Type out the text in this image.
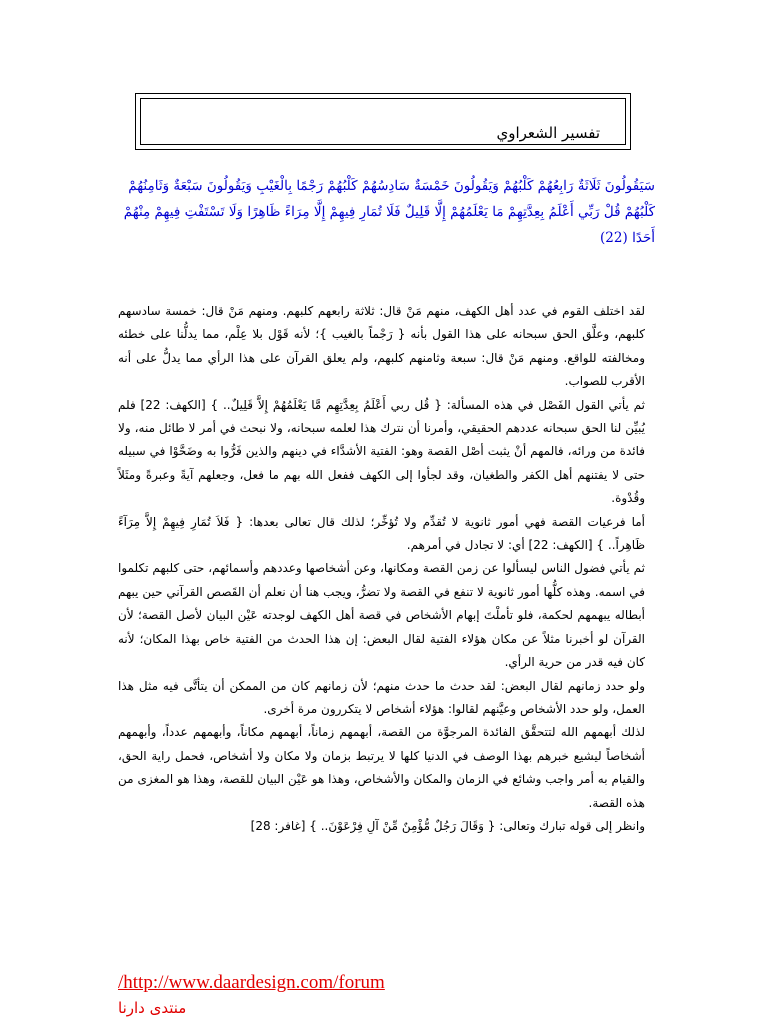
تفسير الشعراوي
سَيَقُولُونَ ثَلَاثَةٌ رَابِعُهُمْ كَلْبُهُمْ وَيَقُولُونَ خَمْسَةٌ سَادِسُهُمْ كَلْبُهُمْ رَجْمًا بِالْغَيْبِ وَيَقُولُونَ سَبْعَةٌ وَثَامِنُهُمْ
كَلْبُهُمْ قُلْ رَبِّي أَعْلَمُ بِعِدَّتِهِمْ مَا يَعْلَمُهُمْ إِلَّا قَلِيلٌ فَلَا تُمَارِ فِيهِمْ إِلَّا مِرَاءً ظَاهِرًا وَلَا تَسْتَفْتِ فِيهِمْ مِنْهُمْ
أَحَدًا (22)

لقد اختلف القوم في عدد أهل الكهف، منهم مَنْ قال: ثلاثة رابعهم كلبهم. ومنهم مَنْ قال: خمسة سادسهم كلبهم، وعلَّق الحق سبحانه على هذا القول بأنه { رَجْماً بالغيب }؛ لأنه قَوْل بلا عِلْم، مما يدلُّنا على خطئه ومخالفته للواقع. ومنهم مَنْ قال: سبعة وثامنهم كلبهم، ولم يعلق القرآن على هذا الرأي مما يدلُّ على أنه الأقرب للصواب.

ثم يأتي القول الفَصْل في هذه المسألة: { قُل ربي أَعْلَمُ بِعِدَّتِهِم مَّا يَعْلَمُهُمْ إِلاَّ قَلِيلٌ.. } [الكهف: 22] فلم يُبيِّن لنا الحق سبحانه عددهم الحقيقي، وأمرنا أن نترك هذا لعلمه سبحانه، ولا نبحث في أمر لا طائل منه، ولا فائدة من ورائه، فالمهم أنْ يثبت أصْل القصة وهو: الفتية الأشدَّاء في دينهم والذين فَرُّوا به وضَحَّوْا في سبيله حتى لا يفتنهم أهل الكفر والطغيان، وقد لجأوا إلى الكهف ففعل الله بهم ما فعل، وجعلهم آيةً وعبرةً ومثَلاً وقُدْوة.

أما فرعيات القصة فهي أمور ثانوية لا تُقدِّم ولا تُؤخِّر؛ لذلك قال تعالى بعدها: { فَلاَ تُمَارِ فِيهِمْ إِلاَّ مِرَآءً ظَاهِراً.. } [الكهف: 22] أي: لا تجادل في أمرهم.

ثم يأتي فضول الناس ليسألوا عن زمن القصة ومكانها، وعن أشخاصها وعددهم وأسمائهم، حتى كلبهم تكلموا في اسمه. وهذه كلُّها أمور ثانوية لا تنفع في القصة ولا تضرُّ، ويجب هنا أن نعلم أن القَصص القرآني حين يبهم أبطاله يبهمهم لحكمة، فلو تأملْتَ إبهام الأشخاص في قصة أهل الكهف لوجدته عَيْن البيان لأصل القصة؛ لأن القرآن لو أخبرنا مثلاً عن مكان هؤلاء الفتية لقال البعض: إن هذا الحدث من الفتية خاص بهذا المكان؛ لأنه كان فيه قدر من حرية الرأي.

ولو حدد زمانهم لقال البعض: لقد حدث ما حدث منهم؛ لأن زمانهم كان من الممكن أن يتأتَّى فيه مثل هذا العمل، ولو حدد الأشخاص وعيَّنهم لقالوا: هؤلاء أشخاص لا يتكررون مرة أخرى.

لذلك أبهمهم الله لتتحقَّق الفائدة المرجوَّة من القصة، أبهمهم زماناً، أبهمهم مكاناً، وأبهمهم عدداً، وأبهمهم أشخاصاً ليشيع خبرهم بهذا الوصف في الدنيا كلها لا يرتبط بزمان ولا مكان ولا أشخاص، فحمل راية الحق، والقيام به أمر واجب وشائع في الزمان والمكان والأشخاص، وهذا هو عَيْن البيان للقصة، وهذا هو المغزى من هذه القصة.

وانظر إلى قوله تبارك وتعالى: { وَقَالَ رَجُلٌ مُّؤْمِنٌ مِّنْ آلِ فِرْعَوْنَ.. } [غافر: 28]

/http://www.daardesign.com/forum
منتدى دارنا
